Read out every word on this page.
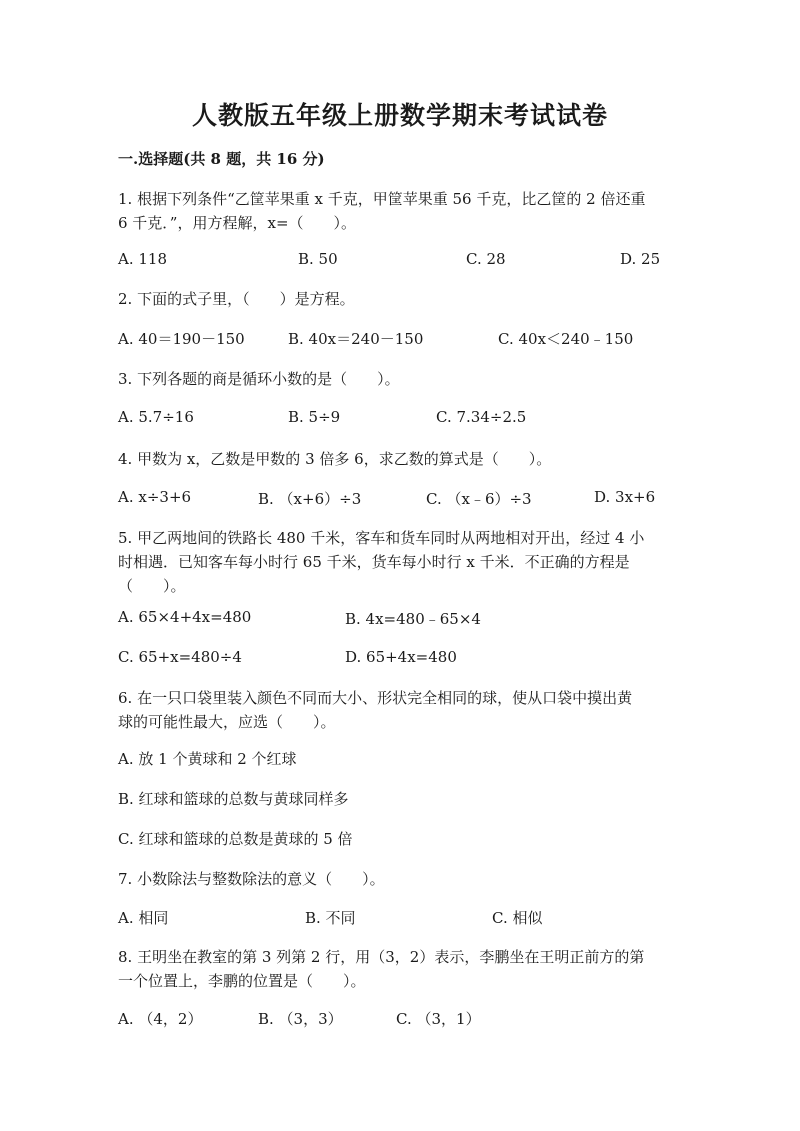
人教版五年级上册数学期末考试试卷
一.选择题(共 8 题，共 16 分)
1. 根据下列条件“乙筐苹果重 x 千克，甲筐苹果重 56 千克，比乙筐的 2 倍还重
6 千克．”，用方程解，x=（　　）。
A. 118	B. 50	C. 28	D. 25
2. 下面的式子里，（　　）是方程。
A. 40＝190－150	B. 40x＝240－150	C. 40x＜240﹣150
3. 下列各题的商是循环小数的是（　　）。
A. 5.7÷16	B. 5÷9	C. 7.34÷2.5
4. 甲数为 x，乙数是甲数的 3 倍多 6，求乙数的算式是（　　）。
A. x÷3+6	B. （x+6）÷3	C. （x﹣6）÷3	D. 3x+6
5. 甲乙两地间的铁路长 480 千米，客车和货车同时从两地相对开出，经过 4 小
时相遇．已知客车每小时行 65 千米，货车每小时行 x 千米．不正确的方程是
（　　）。
A. 65×4+4x=480	B. 4x=480﹣65×4
C. 65+x=480÷4	D. 65+4x=480
6. 在一只口袋里装入颜色不同而大小、形状完全相同的球，使从口袋中摸出黄
球的可能性最大，应选（　　）。
A. 放 1 个黄球和 2 个红球
B. 红球和篮球的总数与黄球同样多
C. 红球和篮球的总数是黄球的 5 倍
7. 小数除法与整数除法的意义（　　）。
A. 相同	B. 不同	C. 相似
8. 王明坐在教室的第 3 列第 2 行，用（3，2）表示，李鹏坐在王明正前方的第
一个位置上，李鹏的位置是（　　）。
A. （4，2）	B. （3，3）	C. （3，1）
